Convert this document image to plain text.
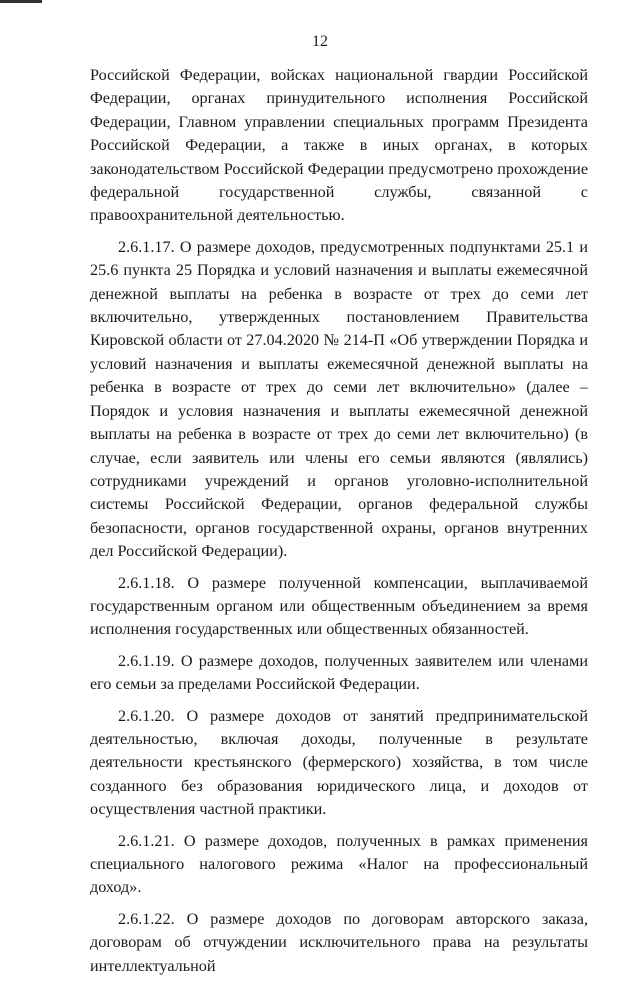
12

Российской Федерации, войсках национальной гвардии Российской Федерации, органах принудительного исполнения Российской Федерации, Главном управлении специальных программ Президента Российской Федерации, а также в иных органах, в которых законодательством Российской Федерации предусмотрено прохождение федеральной государственной службы, связанной с правоохранительной деятельностью.

2.6.1.17. О размере доходов, предусмотренных подпунктами 25.1 и 25.6 пункта 25 Порядка и условий назначения и выплаты ежемесячной денежной выплаты на ребенка в возрасте от трех до семи лет включительно, утвержденных постановлением Правительства Кировской области от 27.04.2020 № 214-П «Об утверждении Порядка и условий назначения и выплаты ежемесячной денежной выплаты на ребенка в возрасте от трех до семи лет включительно» (далее – Порядок и условия назначения и выплаты ежемесячной денежной выплаты на ребенка в возрасте от трех до семи лет включительно) (в случае, если заявитель или члены его семьи являются (являлись) сотрудниками учреждений и органов уголовно-исполнительной системы Российской Федерации, органов федеральной службы безопасности, органов государственной охраны, органов внутренних дел Российской Федерации).

2.6.1.18. О размере полученной компенсации, выплачиваемой государственным органом или общественным объединением за время исполнения государственных или общественных обязанностей.

2.6.1.19. О размере доходов, полученных заявителем или членами его семьи за пределами Российской Федерации.

2.6.1.20. О размере доходов от занятий предпринимательской деятельностью, включая доходы, полученные в результате деятельности крестьянского (фермерского) хозяйства, в том числе созданного без образования юридического лица, и доходов от осуществления частной практики.

2.6.1.21. О размере доходов, полученных в рамках применения специального налогового режима «Налог на профессиональный доход».

2.6.1.22. О размере доходов по договорам авторского заказа, договорам об отчуждении исключительного права на результаты интеллектуальной
